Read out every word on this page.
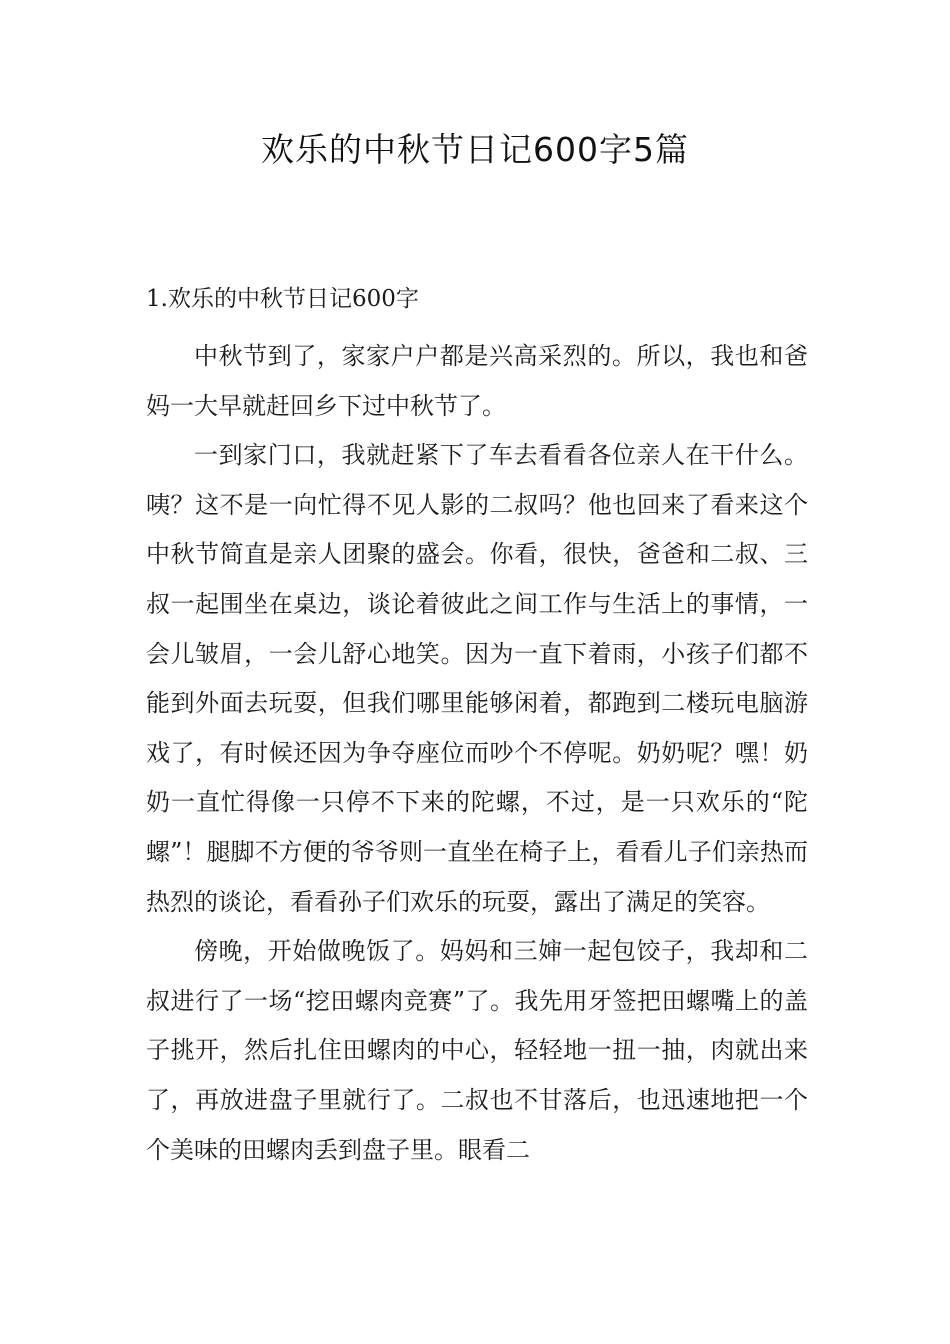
欢乐的中秋节日记600字5篇
1.欢乐的中秋节日记600字

中秋节到了，家家户户都是兴高采烈的。所以，我也和爸妈一大早就赶回乡下过中秋节了。

一到家门口，我就赶紧下了车去看看各位亲人在干什么。咦？这不是一向忙得不见人影的二叔吗？他也回来了看来这个中秋节简直是亲人团聚的盛会。你看，很快，爸爸和二叔、三叔一起围坐在桌边，谈论着彼此之间工作与生活上的事情，一会儿皱眉，一会儿舒心地笑。因为一直下着雨，小孩子们都不能到外面去玩耍，但我们哪里能够闲着，都跑到二楼玩电脑游戏了，有时候还因为争夺座位而吵个不停呢。奶奶呢？嘿！奶奶一直忙得像一只停不下来的陀螺，不过，是一只欢乐的“陀螺”！腿脚不方便的爷爷则一直坐在椅子上，看看儿子们亲热而热烈的谈论，看看孙子们欢乐的玩耍，露出了满足的笑容。

傍晚，开始做晚饭了。妈妈和三婶一起包饺子，我却和二叔进行了一场“挖田螺肉竞赛”了。我先用牙签把田螺嘴上的盖子挑开，然后扎住田螺肉的中心，轻轻地一扭一抽，肉就出来了，再放进盘子里就行了。二叔也不甘落后，也迅速地把一个个美味的田螺肉丢到盘子里。眼看二
